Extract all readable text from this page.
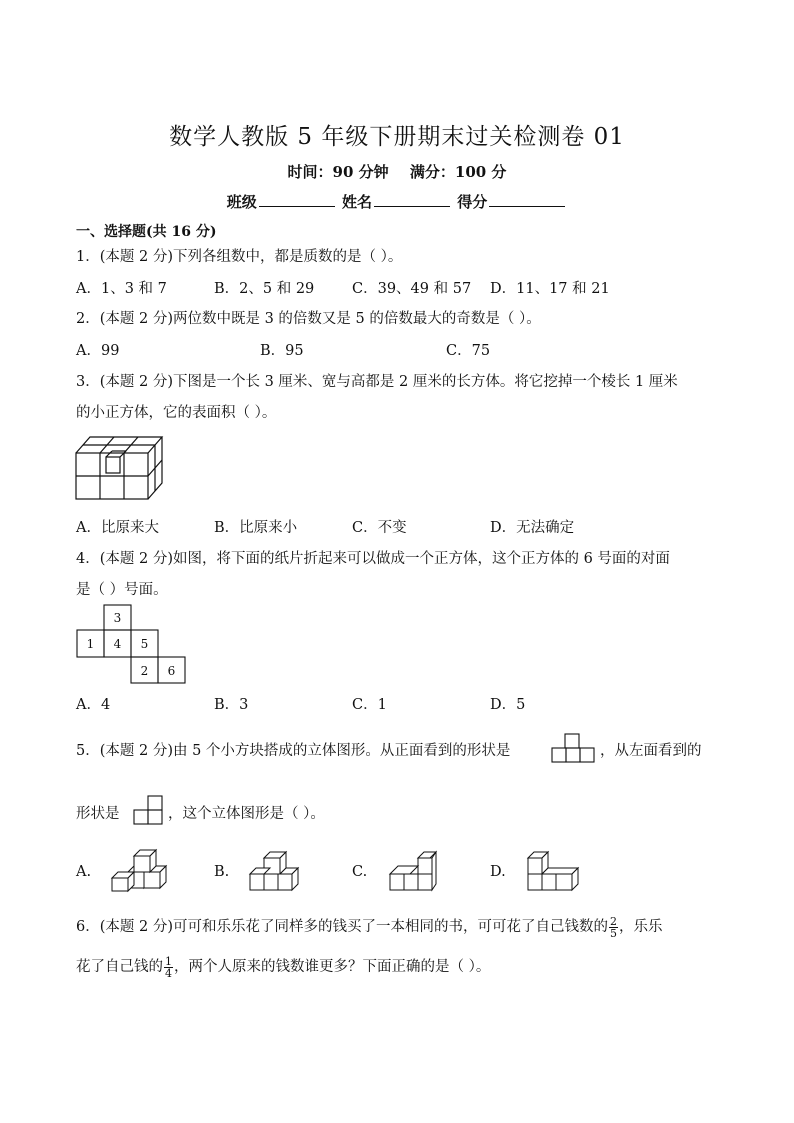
数学人教版 5 年级下册期末过关检测卷 01
时间：90 分钟 满分：100 分
班级	姓名	得分
一、选择题(共 16 分)
1．(本题 2 分)下列各组数中，都是质数的是（ ）。
A．1、3 和 7	B．2、5 和 29	C．39、49 和 57 D．11、17 和 21
2．(本题 2 分)两位数中既是 3 的倍数又是 5 的倍数最大的奇数是（ ）。
A．99	B．95	C．75
3．(本题 2 分)下图是一个长 3 厘米、宽与高都是 2 厘米的长方体。将它挖掉一个棱长 1 厘米
的小正方体，它的表面积（ ）。
A．比原来大	B．比原来小	C．不变	D．无法确定
4．(本题 2 分)如图，将下面的纸片折起来可以做成一个正方体，这个正方体的 6 号面的对面
是（ ）号面。
3
1 4 5
2 6
A．4	B．3	C．1	D．5
5．(本题 2 分)由 5 个小方块搭成的立体图形。从正面看到的形状是	，从左面看到的
形状是	，这个立体图形是（ ）。
A.	B.	C.	D.
6．(本题 2 分)可可和乐乐花了同样多的钱买了一本相同的书，可可花了自己钱数的 $\frac{2}{5}$ ，乐乐
花了自己钱的 $\frac{1}{4}$ ，两个人原来的钱数谁更多？下面正确的是（ ）。
